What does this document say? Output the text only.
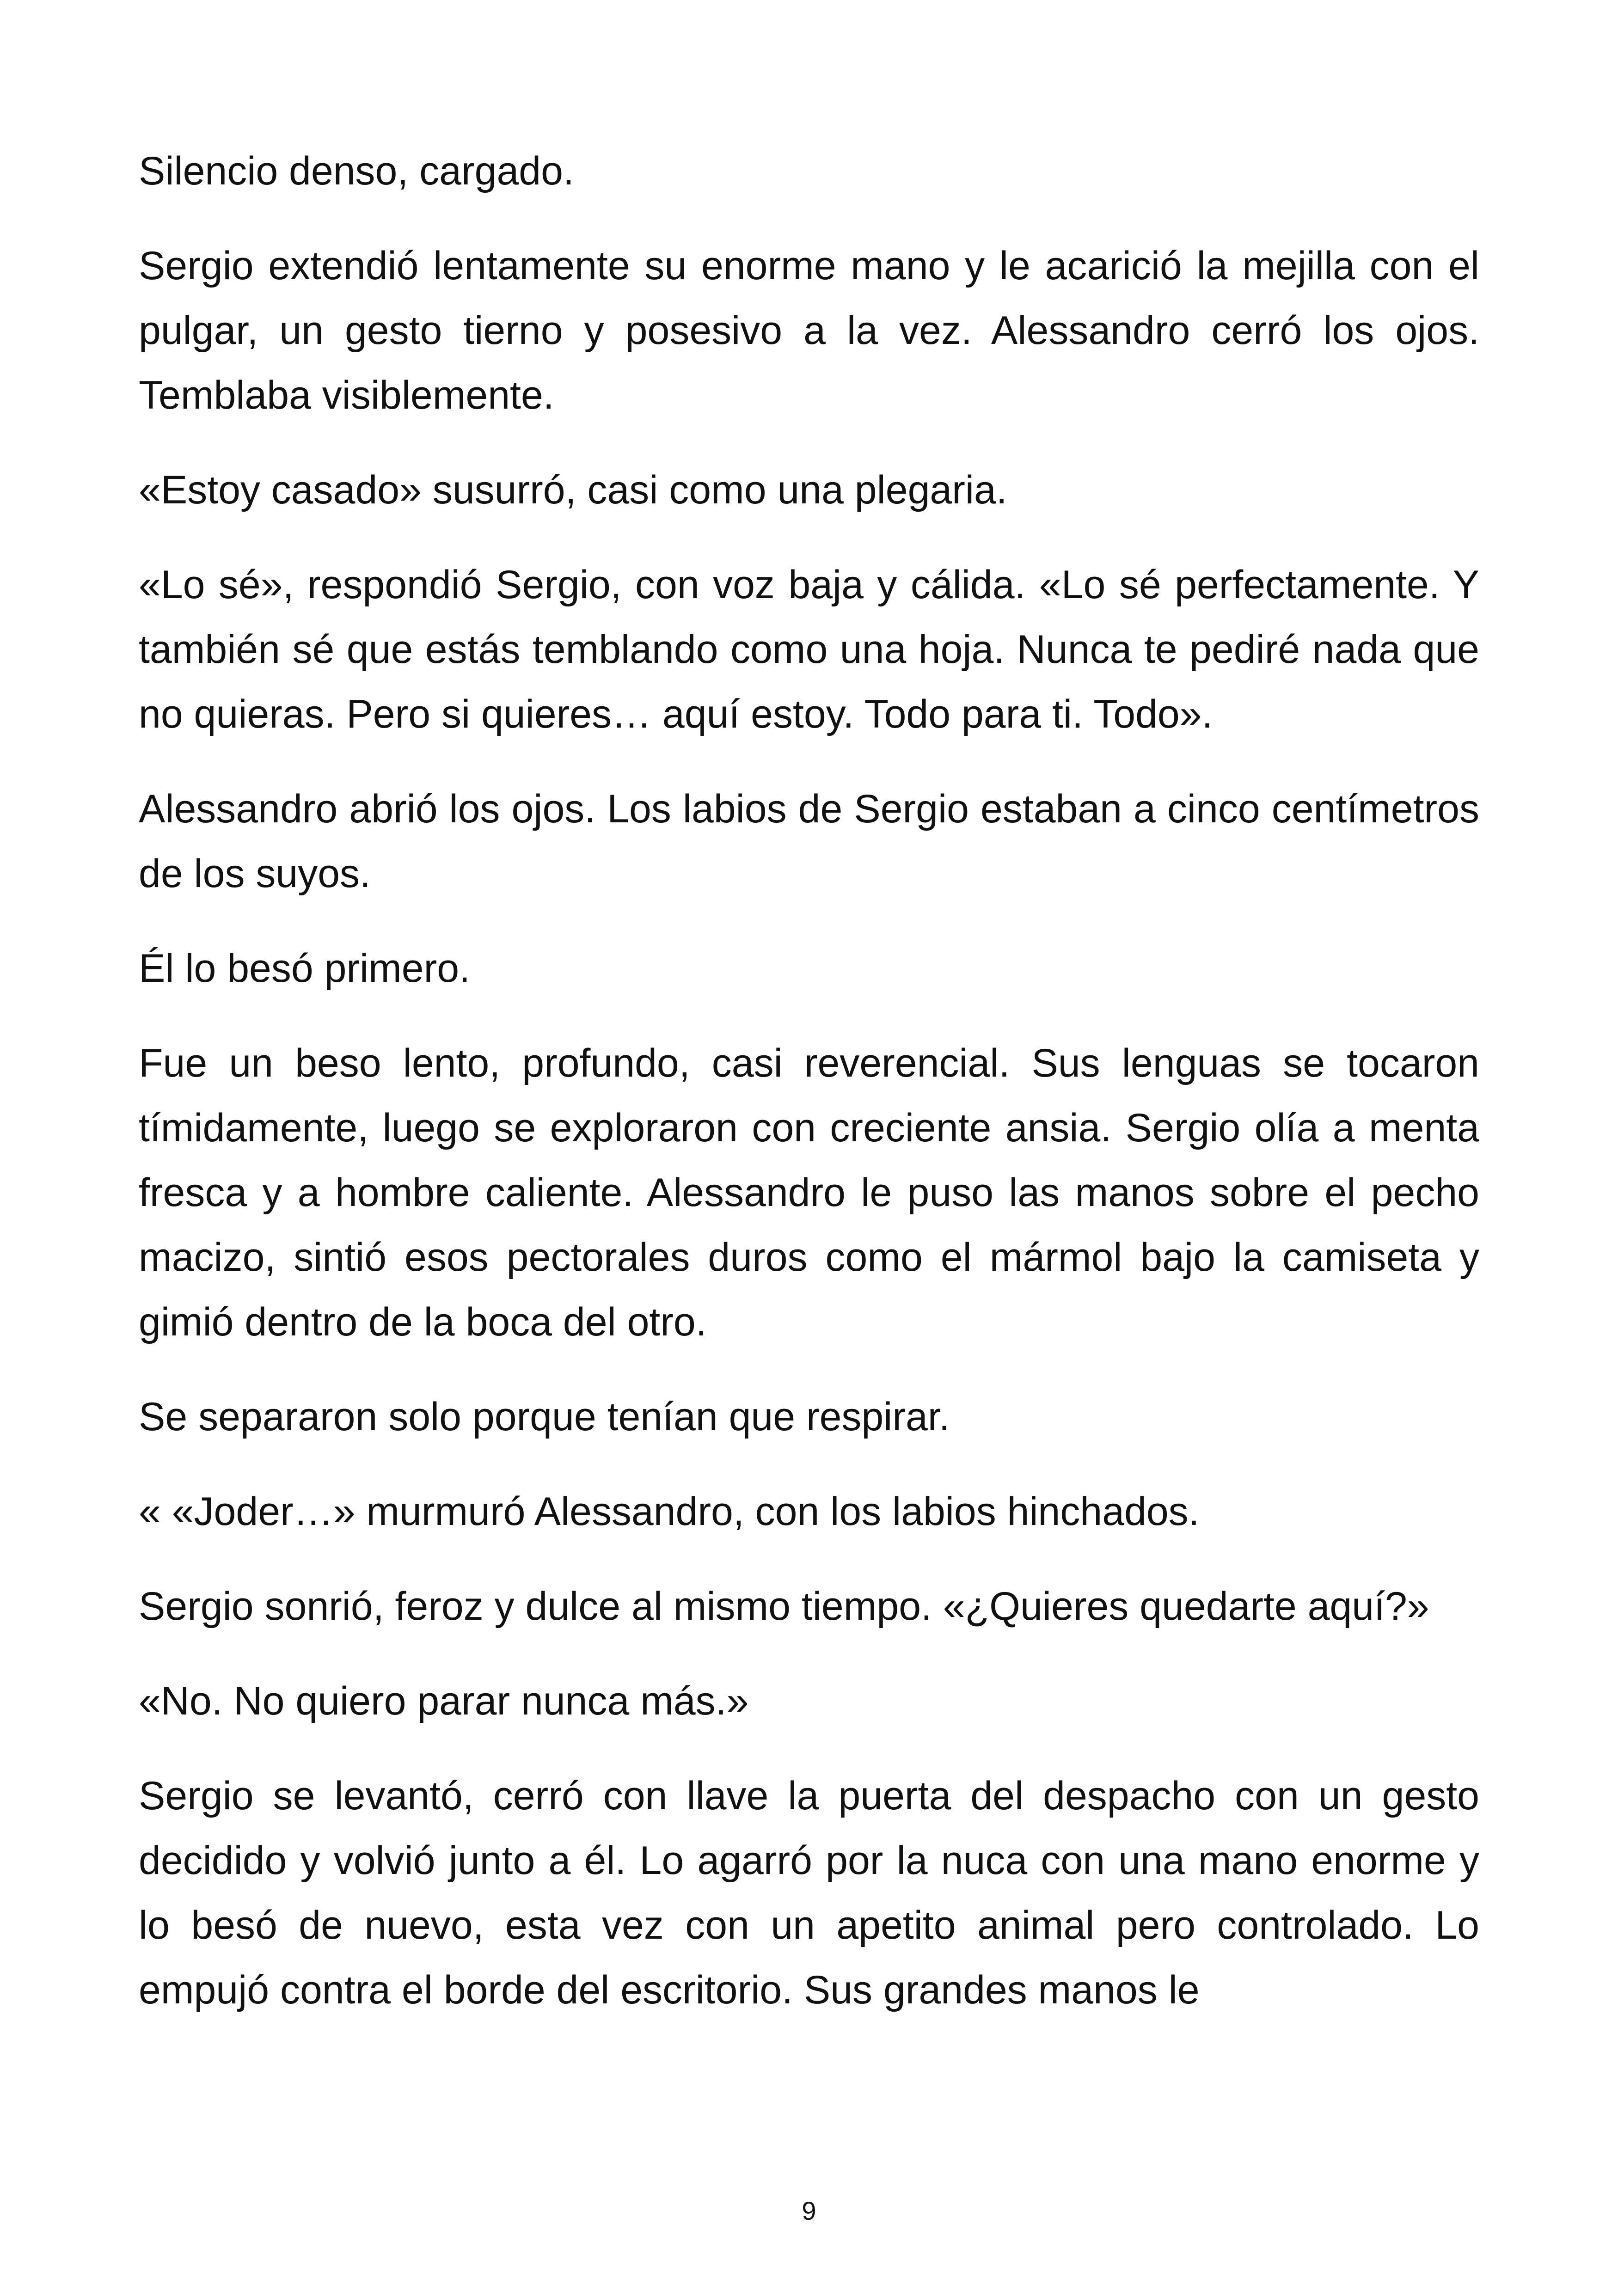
Silencio denso, cargado.

Sergio extendió lentamente su enorme mano y le acarició la mejilla con el pulgar, un gesto tierno y posesivo a la vez. Alessandro cerró los ojos. Temblaba visiblemente.

«Estoy casado» susurró, casi como una plegaria.

«Lo sé», respondió Sergio, con voz baja y cálida. «Lo sé perfectamente. Y también sé que estás temblando como una hoja. Nunca te pediré nada que no quieras. Pero si quieres… aquí estoy. Todo para ti. Todo».

Alessandro abrió los ojos. Los labios de Sergio estaban a cinco centímetros de los suyos.

Él lo besó primero.

Fue un beso lento, profundo, casi reverencial. Sus lenguas se tocaron tímidamente, luego se exploraron con creciente ansia. Sergio olía a menta fresca y a hombre caliente. Alessandro le puso las manos sobre el pecho macizo, sintió esos pectorales duros como el mármol bajo la camiseta y gimió dentro de la boca del otro.

Se separaron solo porque tenían que respirar.

« «Joder…» murmuró Alessandro, con los labios hinchados.

Sergio sonrió, feroz y dulce al mismo tiempo. «¿Quieres quedarte aquí?»

«No. No quiero parar nunca más.»

Sergio se levantó, cerró con llave la puerta del despacho con un gesto decidido y volvió junto a él. Lo agarró por la nuca con una mano enorme y lo besó de nuevo, esta vez con un apetito animal pero controlado. Lo empujó contra el borde del escritorio. Sus grandes manos le

9
